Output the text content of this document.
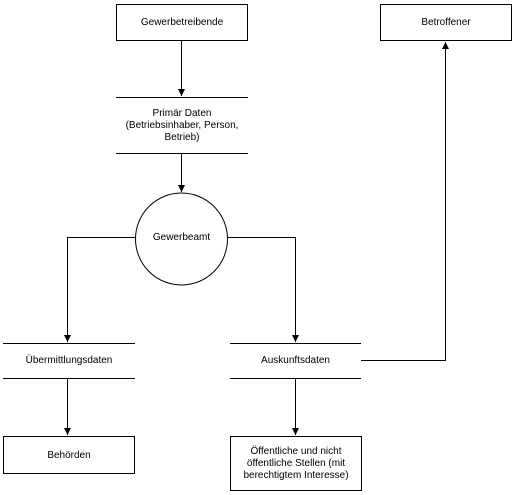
Gewerbetreibende	Betroffener
Primär Daten
(Betriebsinhaber, Person,
Betrieb)
Gewerbeamt
Übermittlungsdaten	Auskunftsdaten
Behörden	Öffentliche und nicht
öffentliche Stellen (mit
berechtigtem Interesse)
